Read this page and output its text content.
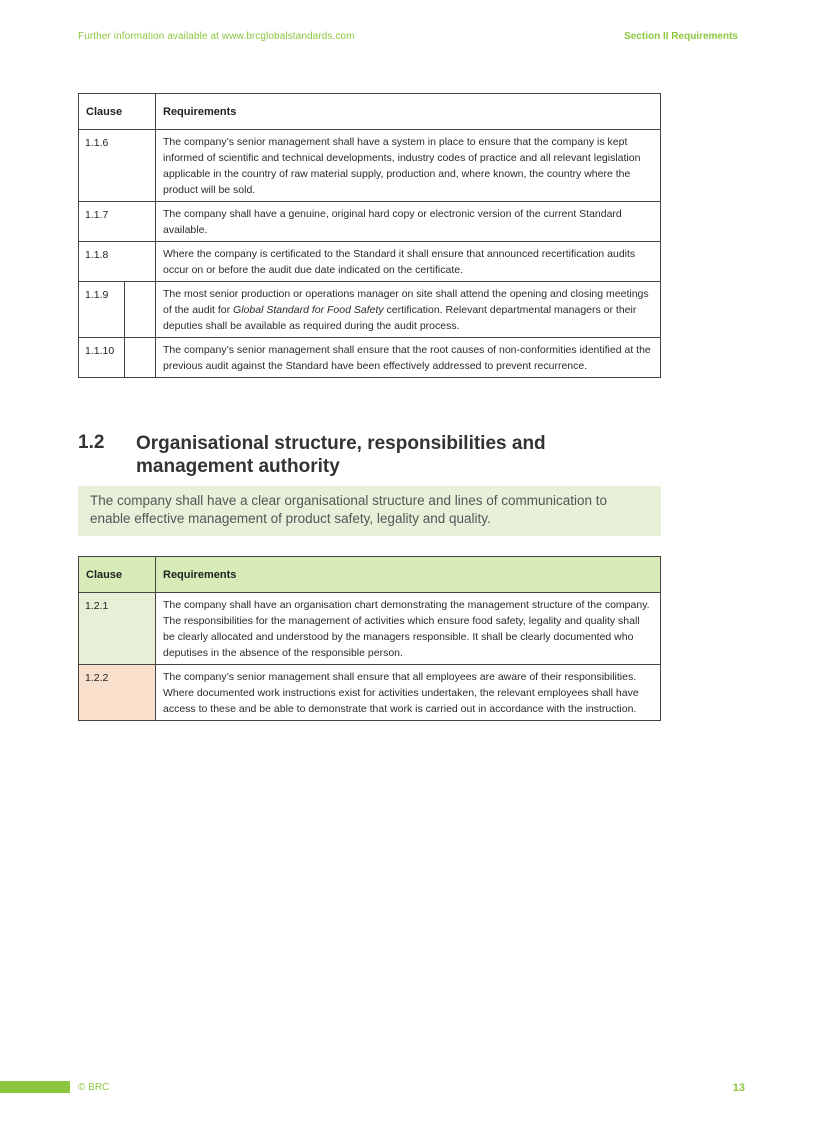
Further information available at www.brcglobalstandards.com	Section II Requirements
Clause		Requirements
1.1.6		The company’s senior management shall have a system in place to ensure that the company is kept informed of scientific and technical developments, industry codes of practice and all relevant legislation applicable in the country of raw material supply, production and, where known, the country where the product will be sold.
1.1.7		The company shall have a genuine, original hard copy or electronic version of the current Standard available.
1.1.8		Where the company is certificated to the Standard it shall ensure that announced recertification audits occur on or before the audit due date indicated on the certificate.
1.1.9		The most senior production or operations manager on site shall attend the opening and closing meetings of the audit for Global Standard for Food Safety certification. Relevant departmental managers or their deputies shall be available as required during the audit process.
1.1.10		The company’s senior management shall ensure that the root causes of non-conformities identified at the previous audit against the Standard have been effectively addressed to prevent recurrence.
1.2 Organisational structure, responsibilities and management authority
The company shall have a clear organisational structure and lines of communication to enable effective management of product safety, legality and quality.
Clause	Requirements
1.2.1	The company shall have an organisation chart demonstrating the management structure of the company. The responsibilities for the management of activities which ensure food safety, legality and quality shall be clearly allocated and understood by the managers responsible. It shall be clearly documented who deputises in the absence of the responsible person.
1.2.2	The company’s senior management shall ensure that all employees are aware of their responsibilities. Where documented work instructions exist for activities undertaken, the relevant employees shall have access to these and be able to demonstrate that work is carried out in accordance with the instruction.
© BRC	13
